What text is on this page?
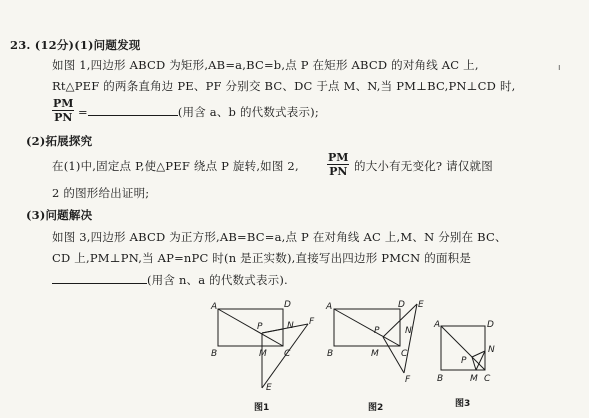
23. (12分)(1)问题发现
如图 1,四边形 ABCD 为矩形,AB=a,BC=b,点 P 在矩形 ABCD 的对角线 AC 上,
Rt△PEF 的两条直角边 PE、PF 分别交 BC、DC 于点 M、N,当 PM⊥BC,PN⊥CD 时,
$\frac{PM}{PN}$ =	(用含 a、b 的代数式表示);
(2)拓展探究
在(1)中,固定点 P,使△PEF 绕点 P 旋转,如图 2,	$\frac{PM}{PN}$ 的大小有无变化? 请仅就图
2 的图形给出证明;
(3)问题解决
如图 3,四边形 ABCD 为正方形,AB=BC=a,点 P 在对角线 AC 上,M、N 分别在 BC、
CD 上,PM⊥PN,当 AP=nPC 时(n 是正实数),直接写出四边形 PMCN 的面积是
(用含 n、a 的代数式表示).
ı
A	D
P	N F
B	M C
E
图1
A	D E
P	N
B	M C
F
图2
A	D
N
P
B	M C
图3
